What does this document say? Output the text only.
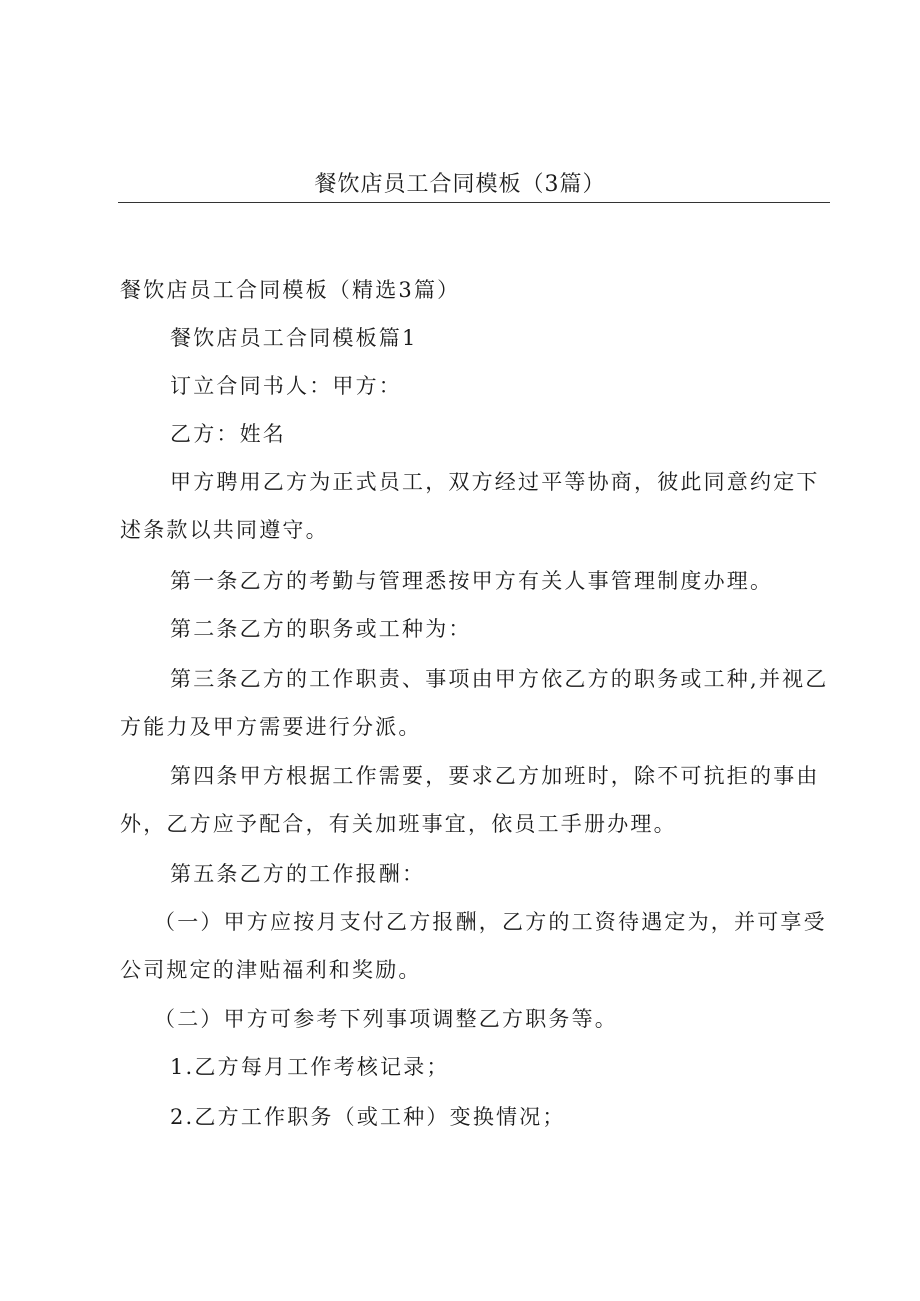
餐饮店员工合同模板（3篇）

餐饮店员工合同模板（精选3篇）

餐饮店员工合同模板篇1

订立合同书人：甲方：

乙方：姓名

甲方聘用乙方为正式员工，双方经过平等协商，彼此同意约定下述条款以共同遵守。

第一条乙方的考勤与管理悉按甲方有关人事管理制度办理。

第二条乙方的职务或工种为：

第三条乙方的工作职责、事项由甲方依乙方的职务或工种,并视乙方能力及甲方需要进行分派。

第四条甲方根据工作需要，要求乙方加班时，除不可抗拒的事由外，乙方应予配合，有关加班事宜，依员工手册办理。

第五条乙方的工作报酬：

（一）甲方应按月支付乙方报酬，乙方的工资待遇定为，并可享受公司规定的津贴福利和奖励。

（二）甲方可参考下列事项调整乙方职务等。

1.乙方每月工作考核记录；

2.乙方工作职务（或工种）变换情况；
